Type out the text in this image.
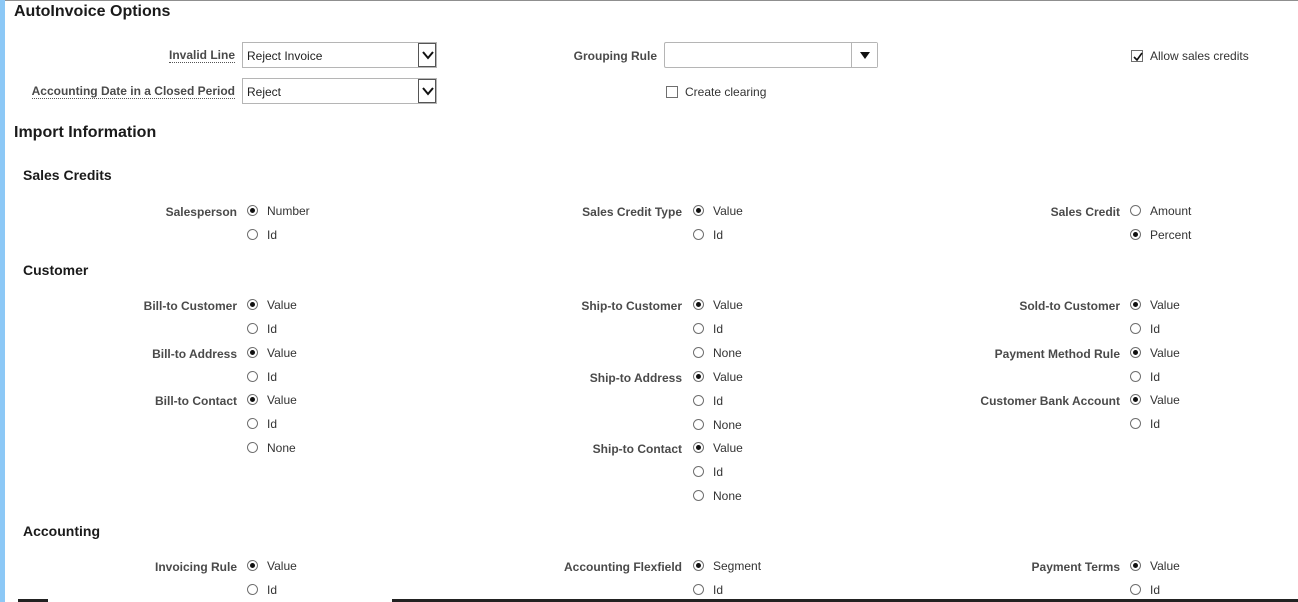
AutoInvoice Options
Invalid Line Reject Invoice
Accounting Date in a Closed Period Reject
Grouping Rule
Create clearing
Allow sales credits
Import Information
Sales Credits
Customer
Accounting
Salesperson	Number
Id
Sales Credit Type	Value
Id
Sales Credit	Amount
Percent
Bill-to Customer	Value
Id
Bill-to Address	Value
Id
Bill-to Contact	Value
Id
None
Ship-to Customer	Value
Id
None
Ship-to Address	Value
Id
None
Ship-to Contact	Value
Id
None
Sold-to Customer	Value
Id
Payment Method Rule	Value
Id
Customer Bank Account	Value
Id
Invoicing Rule	Value
Id
Accounting Flexfield	Segment
Id
Payment Terms	Value
Id
